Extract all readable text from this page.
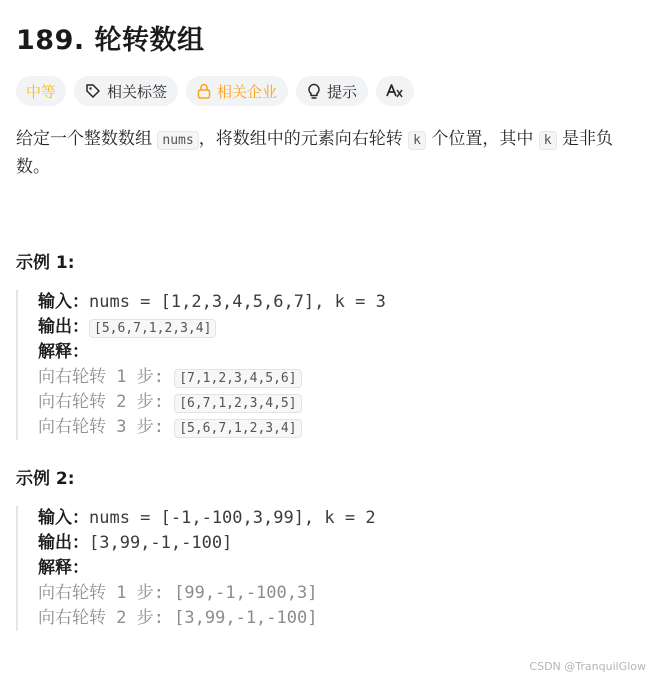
189. 轮转数组
中等	相关标签	相关企业	提示
给定一个整数数组 nums ，将数组中的元素向右轮转 k 个位置，其中 k 是非负数。
示例 1:
输入：nums = [1,2,3,4,5,6,7], k = 3
输出： [5,6,7,1,2,3,4]
解释：
向右轮转 1 步: [7,1,2,3,4,5,6]
向右轮转 2 步: [6,7,1,2,3,4,5]
向右轮转 3 步: [5,6,7,1,2,3,4]
示例 2:
输入：nums = [-1,-100,3,99], k = 2
输出：[3,99,-1,-100]
解释：
向右轮转 1 步: [99,-1,-100,3]
向右轮转 2 步: [3,99,-1,-100]
CSDN @TranquilGlow
